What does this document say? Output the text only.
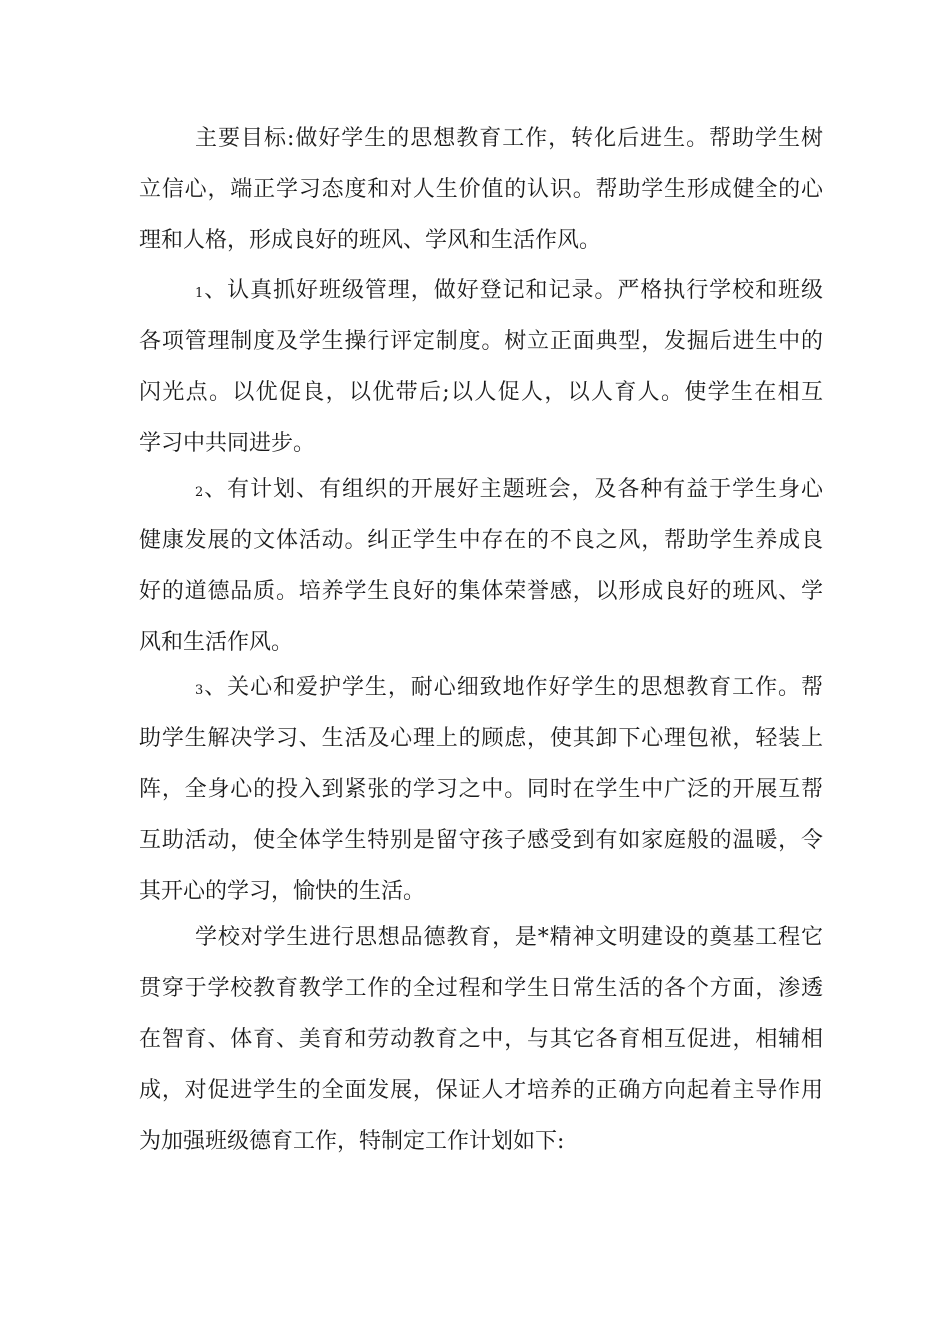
主要目标:做好学生的思想教育工作，转化后进生。帮助学生树
立信心，端正学习态度和对人生价值的认识。帮助学生形成健全的心
理和人格，形成良好的班风、学风和生活作风。
1、认真抓好班级管理，做好登记和记录。严格执行学校和班级
各项管理制度及学生操行评定制度。树立正面典型，发掘后进生中的
闪光点。以优促良，以优带后;以人促人，以人育人。使学生在相互
学习中共同进步。
2、有计划、有组织的开展好主题班会，及各种有益于学生身心
健康发展的文体活动。纠正学生中存在的不良之风，帮助学生养成良
好的道德品质。培养学生良好的集体荣誉感，以形成良好的班风、学
风和生活作风。
3、关心和爱护学生，耐心细致地作好学生的思想教育工作。帮
助学生解决学习、生活及心理上的顾虑，使其卸下心理包袱，轻装上
阵，全身心的投入到紧张的学习之中。同时在学生中广泛的开展互帮
互助活动，使全体学生特别是留守孩子感受到有如家庭般的温暖，令
其开心的学习，愉快的生活。
学校对学生进行思想品德教育，是*精神文明建设的奠基工程它
贯穿于学校教育教学工作的全过程和学生日常生活的各个方面，渗透
在智育、体育、美育和劳动教育之中，与其它各育相互促进，相辅相
成，对促进学生的全面发展，保证人才培养的正确方向起着主导作用
为加强班级德育工作，特制定工作计划如下:
